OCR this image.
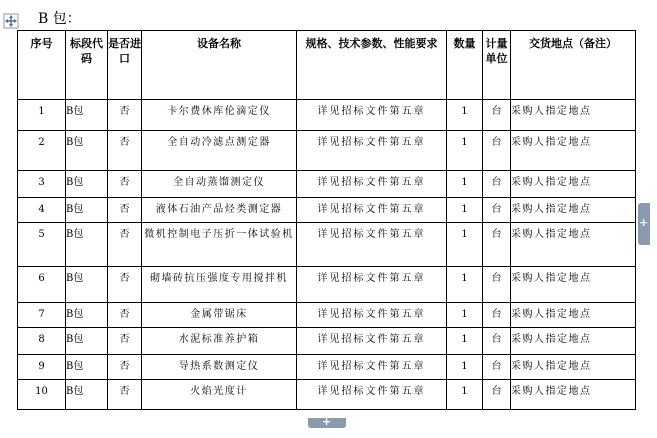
B 包：
序号	标段代码	是否进口	设备名称	规格、技术参数、性能要求	数量	计量单位	交货地点（备注）
1	B包	否	卡尔费休库伦滴定仪	详见招标文件第五章	1	台	采购人指定地点
2	B包	否	全自动冷滤点测定器	详见招标文件第五章	1	台	采购人指定地点
3	B包	否	全自动蒸馏测定仪	详见招标文件第五章	1	台	采购人指定地点
4	B包	否	液体石油产品烃类测定器	详见招标文件第五章	1	台	采购人指定地点
5	B包	否	微机控制电子压折一体试验机	详见招标文件第五章	1	台	采购人指定地点
6	B包	否	砌墙砖抗压强度专用搅拌机	详见招标文件第五章	1	台	采购人指定地点
7	B包	否	金属带锯床	详见招标文件第五章	1	台	采购人指定地点
8	B包	否	水泥标准养护箱	详见招标文件第五章	1	台	采购人指定地点
9	B包	否	导热系数测定仪	详见招标文件第五章	1	台	采购人指定地点
10	B包	否	火焰光度计	详见招标文件第五章	1	台	采购人指定地点
+
+
